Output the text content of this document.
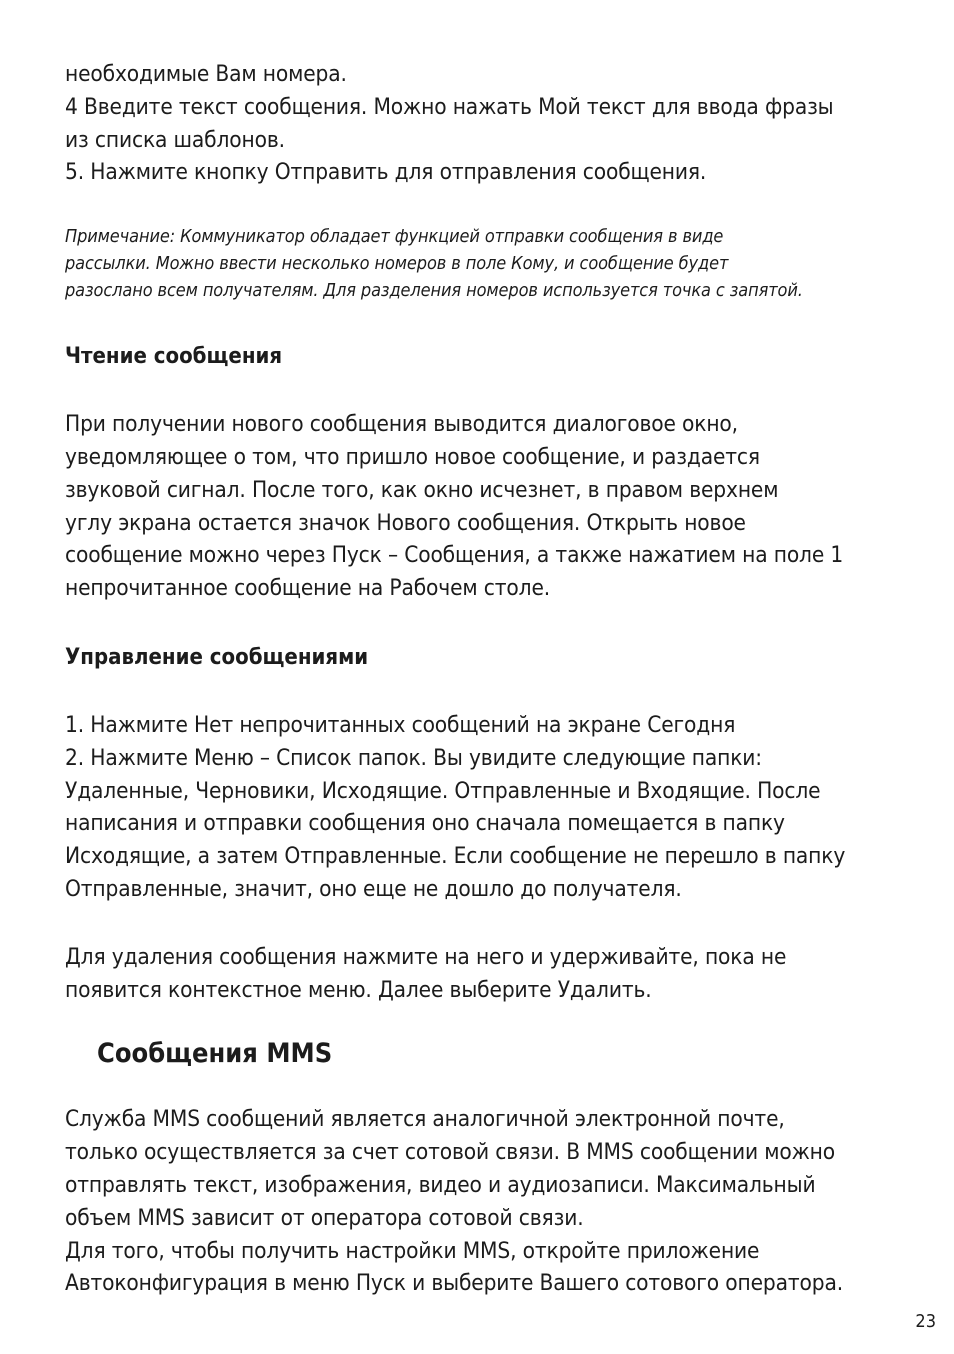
необходимые Вам номера.
4 Введите текст сообщения. Можно нажать Мой текст для ввода фразы
из списка шаблонов.
5. Нажмите кнопку Отправить для отправления сообщения.

Примечание: Коммуникатор обладает функцией отправки сообщения в виде
рассылки. Можно ввести несколько номеров в поле Кому, и сообщение будет
разослано всем получателям. Для разделения номеров используется точка с запятой.
Чтение сообщения

При получении нового сообщения выводится диалоговое окно,
уведомляющее о том, что пришло новое сообщение, и раздается
звуковой сигнал. После того, как окно исчезнет, в правом верхнем
углу экрана остается значок Нового сообщения. Открыть новое
сообщение можно через Пуск – Сообщения, а также нажатием на поле 1
непрочитанное сообщение на Рабочем столе.

Управление сообщениями

1. Нажмите Нет непрочитанных сообщений на экране Сегодня
2. Нажмите Меню – Список папок. Вы увидите следующие папки:
Удаленные, Черновики, Исходящие. Отправленные и Входящие. После
написания и отправки сообщения оно сначала помещается в папку
Исходящие, а затем Отправленные. Если сообщение не перешло в папку
Отправленные, значит, оно еще не дошло до получателя.

Для удаления сообщения нажмите на него и удерживайте, пока не
появится контекстное меню. Далее выберите Удалить.

Сообщения MMS

Служба MMS сообщений является аналогичной электронной почте,
только осуществляется за счет сотовой связи. В MMS сообщении можно
отправлять текст, изображения, видео и аудиозаписи. Максимальный
объем MMS зависит от оператора сотовой связи.
Для того, чтобы получить настройки MMS, откройте приложение
Автоконфигурация в меню Пуск и выберите Вашего сотового оператора.

23
